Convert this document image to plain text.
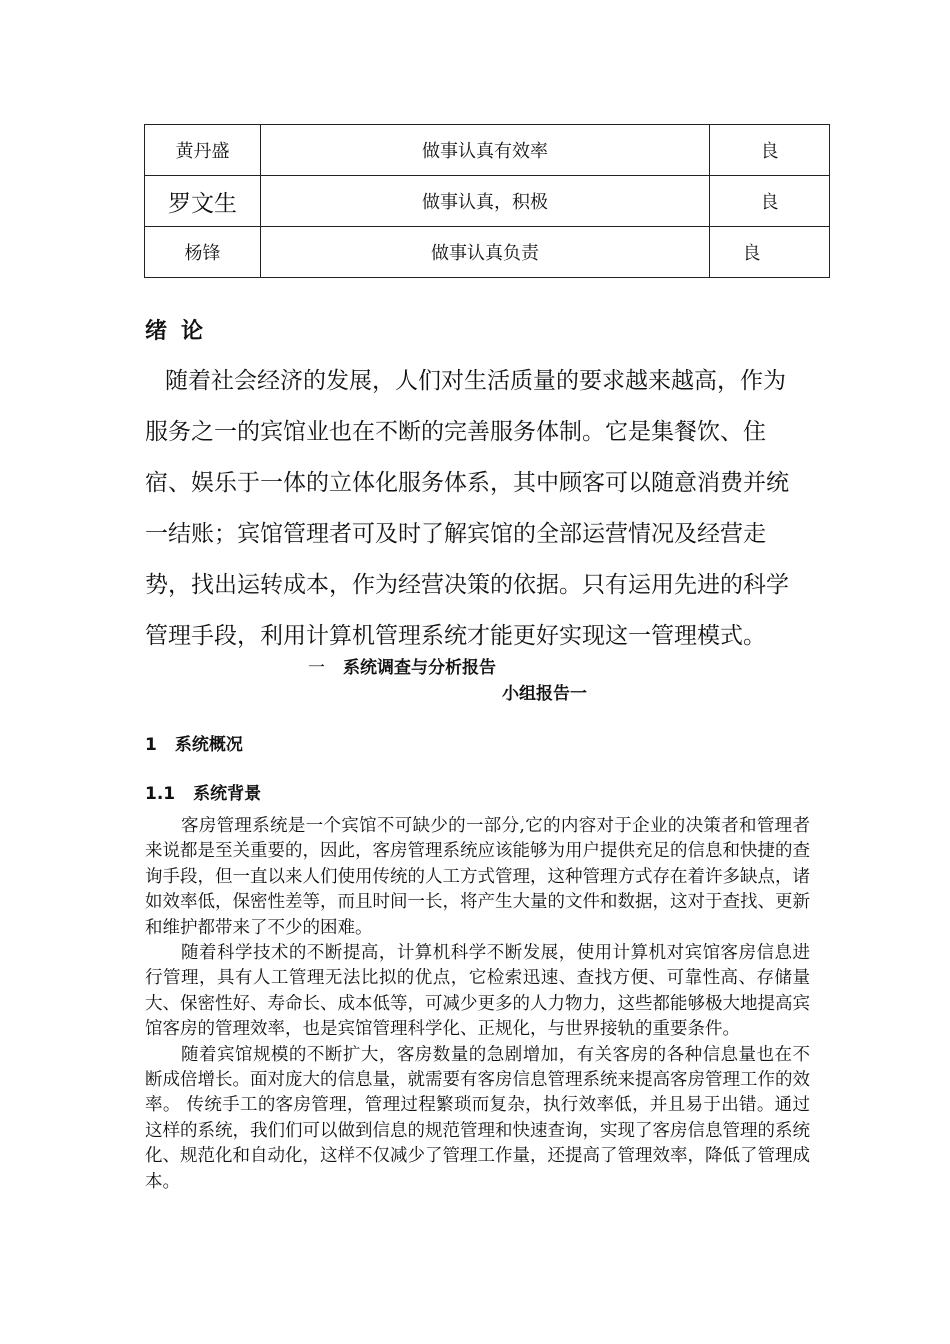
黄丹盛	做事认真有效率	良
罗文生	做事认真，积极	良
杨锋	做事认真负责	良
绪论

随着社会经济的发展，人们对生活质量的要求越来越高，作为服务之一的宾馆业也在不断的完善服务体制。它是集餐饮、住宿、娱乐于一体的立体化服务体系，其中顾客可以随意消费并统一结账；宾馆管理者可及时了解宾馆的全部运营情况及经营走势，找出运转成本，作为经营决策的依据。只有运用先进的科学管理手段，利用计算机管理系统才能更好实现这一管理模式。

一 系统调查与分析报告
小组报告一
1 系统概况
1.1 系统背景

客房管理系统是一个宾馆不可缺少的一部分,它的内容对于企业的决策者和管理者来说都是至关重要的，因此，客房管理系统应该能够为用户提供充足的信息和快捷的查询手段，但一直以来人们使用传统的人工方式管理，这种管理方式存在着许多缺点，诸如效率低，保密性差等，而且时间一长，将产生大量的文件和数据，这对于查找、更新和维护都带来了不少的困难。

随着科学技术的不断提高，计算机科学不断发展，使用计算机对宾馆客房信息进行管理，具有人工管理无法比拟的优点，它检索迅速、查找方便、可靠性高、存储量大、保密性好、寿命长、成本低等，可减少更多的人力物力，这些都能够极大地提高宾馆客房的管理效率，也是宾馆管理科学化、正规化，与世界接轨的重要条件。

随着宾馆规模的不断扩大，客房数量的急剧增加，有关客房的各种信息量也在不断成倍增长。面对庞大的信息量，就需要有客房信息管理系统来提高客房管理工作的效率。 传统手工的客房管理，管理过程繁琐而复杂，执行效率低，并且易于出错。通过这样的系统，我们们可以做到信息的规范管理和快速查询，实现了客房信息管理的系统化、规范化和自动化，这样不仅减少了管理工作量，还提高了管理效率，降低了管理成本。
